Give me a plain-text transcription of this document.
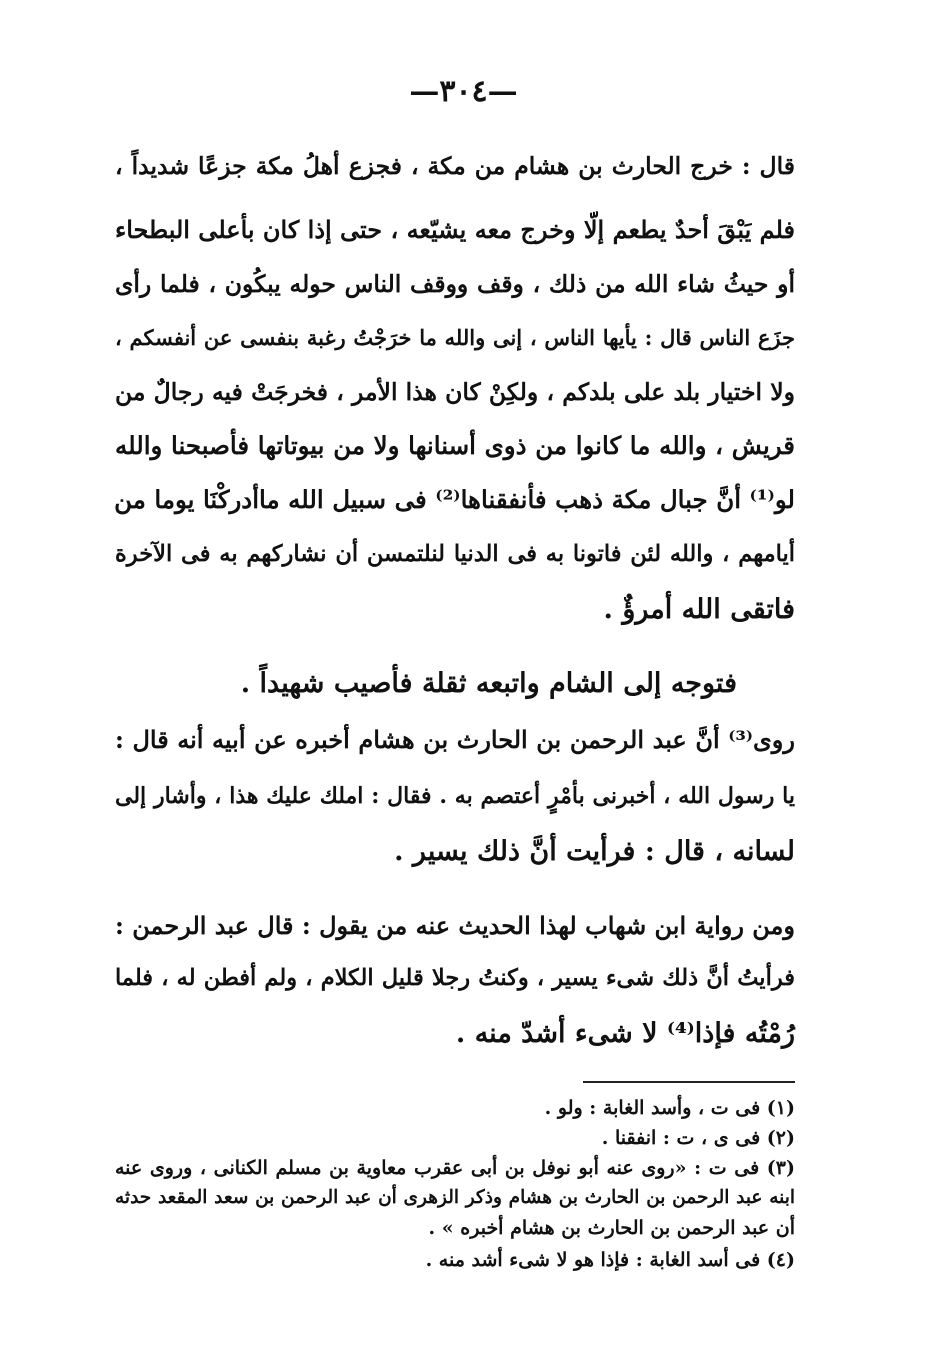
—٣٠٤—
قال : خرج الحارث بن هشام من مكة ، فجزع أهلُ مكة جزعًا شديداً ،
فلم يَبْقَ أحدٌ يطعم إلّا وخرج معه يشيّعه ، حتى إذا كان بأعلى البطحاء
أو حيثُ شاء الله من ذلك ، وقف ووقف الناس حوله يبكُون ، فلما رأى
جزَع الناس قال : يأيها الناس ، إنى والله ما خرَجْتُ رغبة بنفسى عن أنفسكم ،
ولا اختيار بلد على بلدكم ، ولكِنْ كان هذا الأمر ، فخرجَتْ فيه رجالٌ من
قريش ، والله ما كانوا من ذوى أسنانها ولا من بيوتاتها فأصبحنا والله
لو⁽¹⁾ أنَّ جبال مكة ذهب فأنفقناها⁽²⁾ فى سبيل الله ماأدركْنَا يوما من
أيامهم ، والله لئن فاتونا به فى الدنيا لنلتمسن أن نشاركهم به فى الآخرة
فاتقى الله أمرؤٌ .
فتوجه إلى الشام واتبعه ثقلة فأصيب شهيداً .
روى⁽³⁾ أنَّ عبد الرحمن بن الحارث بن هشام أخبره عن أبيه أنه قال :
يا رسول الله ، أخبرنى بأمْرٍ أعتصم به . فقال : املك عليك هذا ، وأشار إلى
لسانه ، قال : فرأيت أنَّ ذلك يسير .
ومن رواية ابن شهاب لهذا الحديث عنه من يقول : قال عبد الرحمن :
فرأيتُ أنَّ ذلك شىء يسير ، وكنتُ رجلا قليل الكلام ، ولم أفطن له ، فلما
رُمْتُه فإذا⁽⁴⁾ لا شىء أشدّ منه .
(١) فى ت ، وأسد الغابة : ولو .
(٢) فى ى ، ت : انفقنا .
(٣) فى ت : «روى عنه أبو نوفل بن أبى عقرب معاوية بن مسلم الكنانى ، وروى عنه
ابنه عبد الرحمن بن الحارث بن هشام وذكر الزهرى أن عبد الرحمن بن سعد المقعد حدثه
أن عبد الرحمن بن الحارث بن هشام أخبره » .
(٤) فى أسد الغابة : فإذا هو لا شىء أشد منه .
